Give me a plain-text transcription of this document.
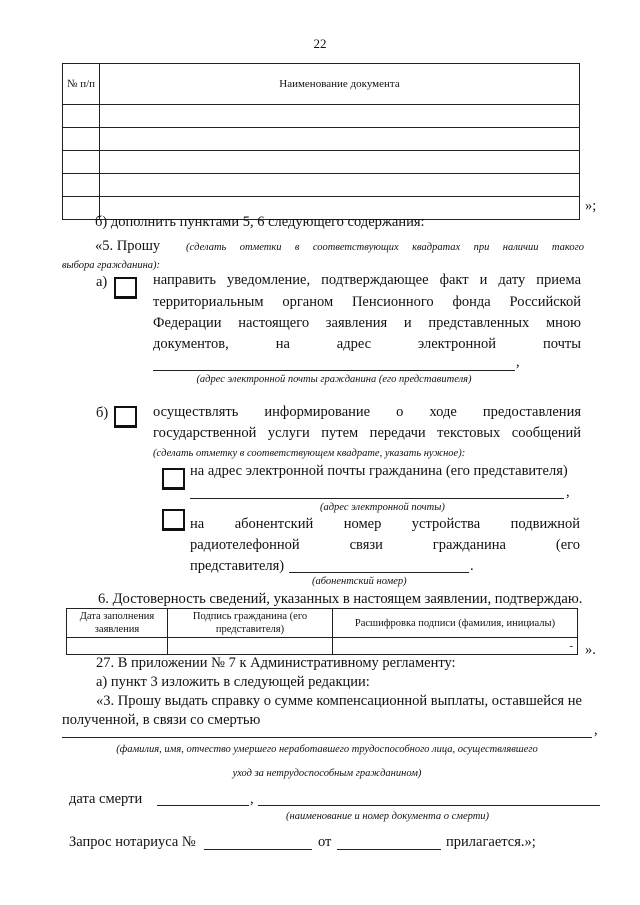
22
№ п/п	Наименование документа

»;
б) дополнить пунктами 5, 6 следующего содержания:
«5. Прошу (сделать отметки в соответствующих квадратах при наличии такого
выбора гражданина):
а)	направить уведомление, подтверждающее факт и дату приема
территориальным органом Пенсионного фонда Российской
Федерации настоящего заявления и представленных мною
документов, на адрес электронной почты
,
(адрес электронной почты гражданина (его представителя)
б)	осуществлять информирование о ходе предоставления
государственной услуги путем передачи текстовых сообщений
(сделать отметку в соответствующем квадрате, указать нужное):
на адрес электронной почты гражданина (его представителя)
,
(адрес электронной почты)
на абонентский номер устройства подвижной
радиотелефонной связи гражданина (его
представителя)	.
(абонентский номер)
6. Достоверность сведений, указанных в настоящем заявлении, подтверждаю.
Дата заполнения заявления	Подпись гражданина (его представителя)	Расшифровка подписи (фамилия, инициалы)
		- ».
27. В приложении № 7 к Административному регламенту:
а) пункт 3 изложить в следующей редакции:
«3. Прошу выдать справку о сумме компенсационной выплаты, оставшейся не
полученной, в связи со смертью
,
(фамилия, имя, отчество умершего неработавшего трудоспособного лица, осуществлявшего
уход за нетрудоспособным гражданином)
дата смерти	,
(наименование и номер документа о смерти)
Запрос нотариуса №	от	прилагается.»;
